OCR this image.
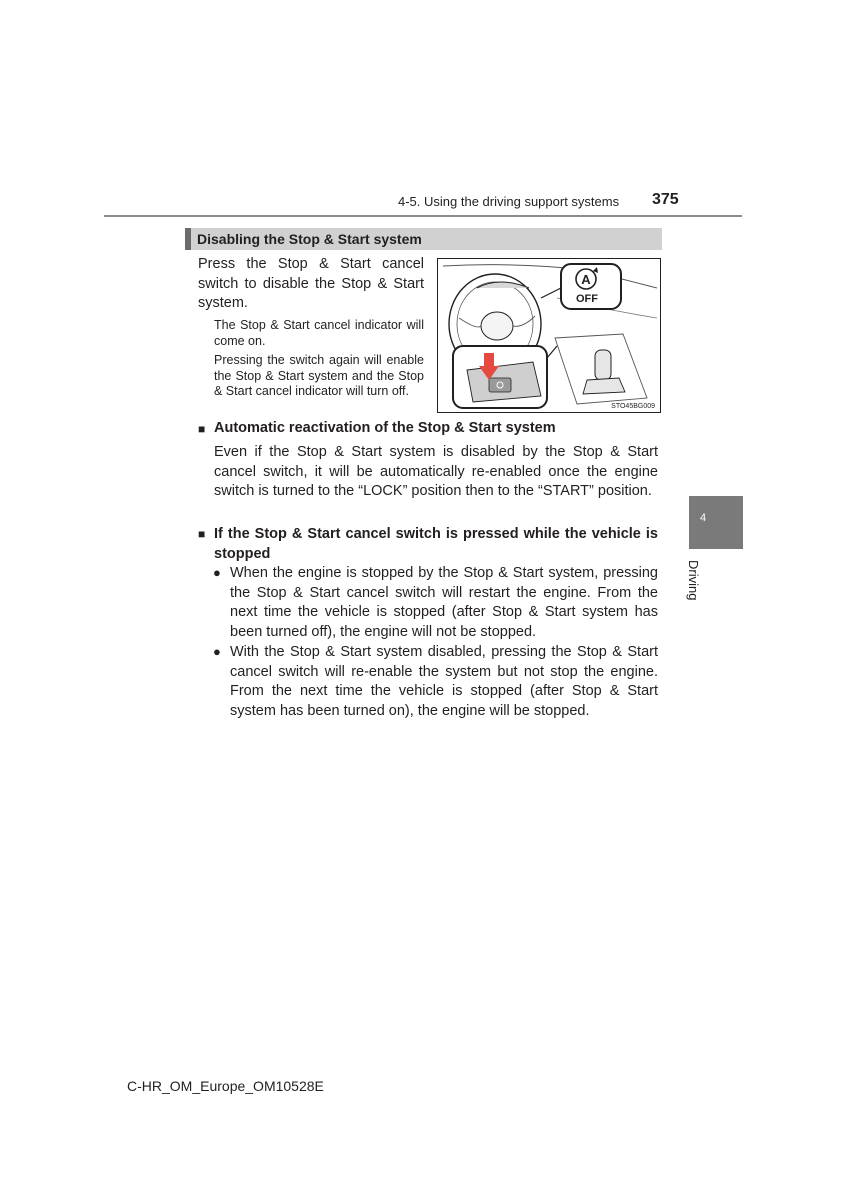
4-5. Using the driving support systems 375
4
Driving
Disabling the Stop & Start system
Press the Stop & Start cancel switch to disable the Stop & Start system.
The Stop & Start cancel indicator will come on.
Pressing the switch again will enable the Stop & Start system and the Stop & Start cancel indicator will turn off.
A
OFF
STO45BG009
■ Automatic reactivation of the Stop & Start system
Even if the Stop & Start system is disabled by the Stop & Start cancel switch, it will be automatically re-enabled once the engine switch is turned to the “LOCK” position then to the “START” position.
■ If the Stop & Start cancel switch is pressed while the vehicle is stopped
● When the engine is stopped by the Stop & Start system, pressing the Stop & Start cancel switch will restart the engine. From the next time the vehicle is stopped (after Stop & Start system has been turned off), the engine will not be stopped.
● With the Stop & Start system disabled, pressing the Stop & Start cancel switch will re-enable the system but not stop the engine. From the next time the vehicle is stopped (after Stop & Start system has been turned on), the engine will be stopped.
C-HR_OM_Europe_OM10528E
